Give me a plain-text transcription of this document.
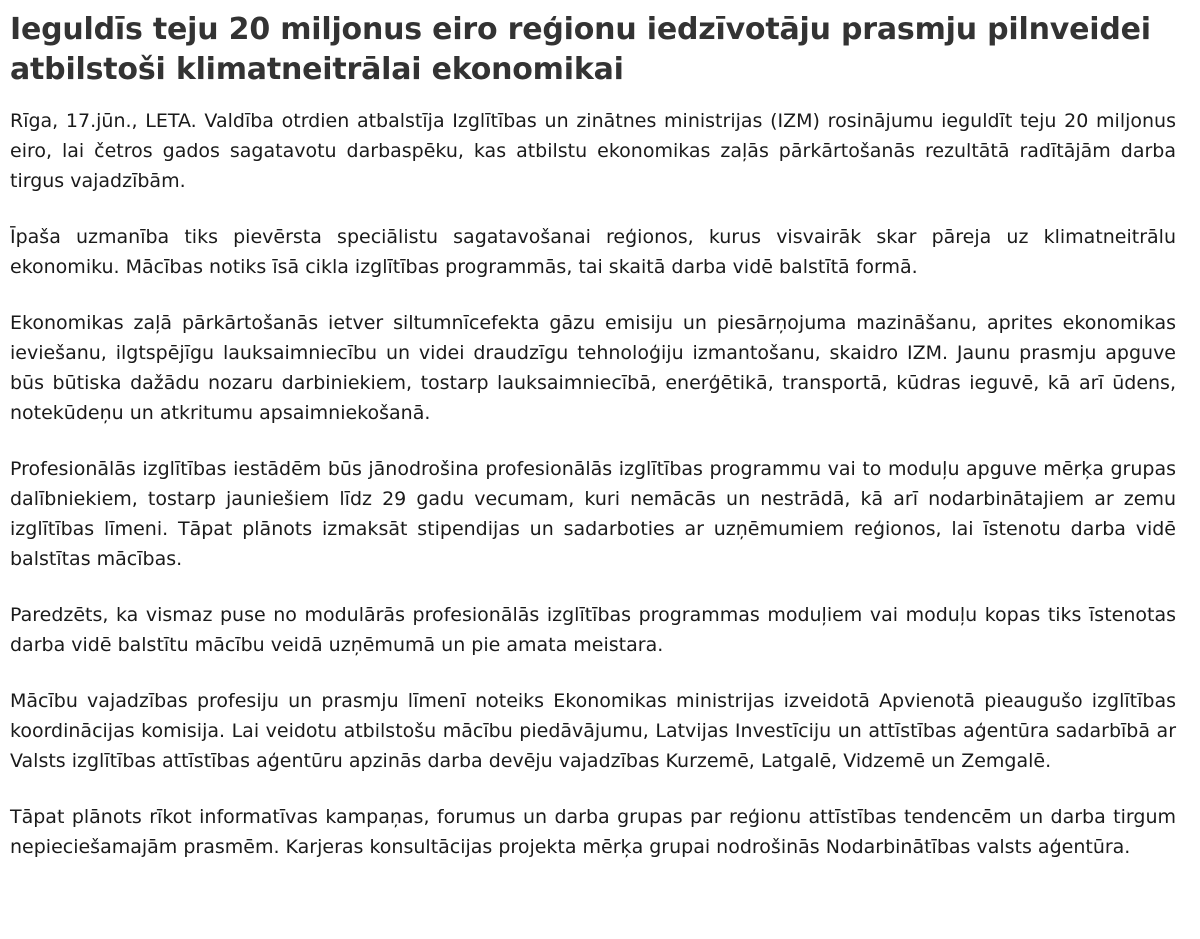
Ieguldīs teju 20 miljonus eiro reģionu iedzīvotāju prasmju pilnveidei atbilstoši klimatneitrālai ekonomikai

Rīga, 17.jūn., LETA. Valdība otrdien atbalstīja Izglītības un zinātnes ministrijas (IZM) rosinājumu ieguldīt teju 20 miljonus eiro, lai četros gados sagatavotu darbaspēku, kas atbilstu ekonomikas zaļās pārkārtošanās rezultātā radītājām darba tirgus vajadzībām.

Īpaša uzmanība tiks pievērsta speciālistu sagatavošanai reģionos, kurus visvairāk skar pāreja uz klimatneitrālu ekonomiku. Mācības notiks īsā cikla izglītības programmās, tai skaitā darba vidē balstītā formā.

Ekonomikas zaļā pārkārtošanās ietver siltumnīcefekta gāzu emisiju un piesārņojuma mazināšanu, aprites ekonomikas ieviešanu, ilgtspējīgu lauksaimniecību un videi draudzīgu tehnoloģiju izmantošanu, skaidro IZM. Jaunu prasmju apguve būs būtiska dažādu nozaru darbiniekiem, tostarp lauksaimniecībā, enerģētikā, transportā, kūdras ieguvē, kā arī ūdens, notekūdeņu un atkritumu apsaimniekošanā.

Profesionālās izglītības iestādēm būs jānodrošina profesionālās izglītības programmu vai to moduļu apguve mērķa grupas dalībniekiem, tostarp jauniešiem līdz 29 gadu vecumam, kuri nemācās un nestrādā, kā arī nodarbinātajiem ar zemu izglītības līmeni. Tāpat plānots izmaksāt stipendijas un sadarboties ar uzņēmumiem reģionos, lai īstenotu darba vidē balstītas mācības.

Paredzēts, ka vismaz puse no modulārās profesionālās izglītības programmas moduļiem vai moduļu kopas tiks īstenotas darba vidē balstītu mācību veidā uzņēmumā un pie amata meistara.

Mācību vajadzības profesiju un prasmju līmenī noteiks Ekonomikas ministrijas izveidotā Apvienotā pieaugušo izglītības koordinācijas komisija. Lai veidotu atbilstošu mācību piedāvājumu, Latvijas Investīciju un attīstības aģentūra sadarbībā ar Valsts izglītības attīstības aģentūru apzinās darba devēju vajadzības Kurzemē, Latgalē, Vidzemē un Zemgalē.

Tāpat plānots rīkot informatīvas kampaņas, forumus un darba grupas par reģionu attīstības tendencēm un darba tirgum nepieciešamajām prasmēm. Karjeras konsultācijas projekta mērķa grupai nodrošinās Nodarbinātības valsts aģentūra.
